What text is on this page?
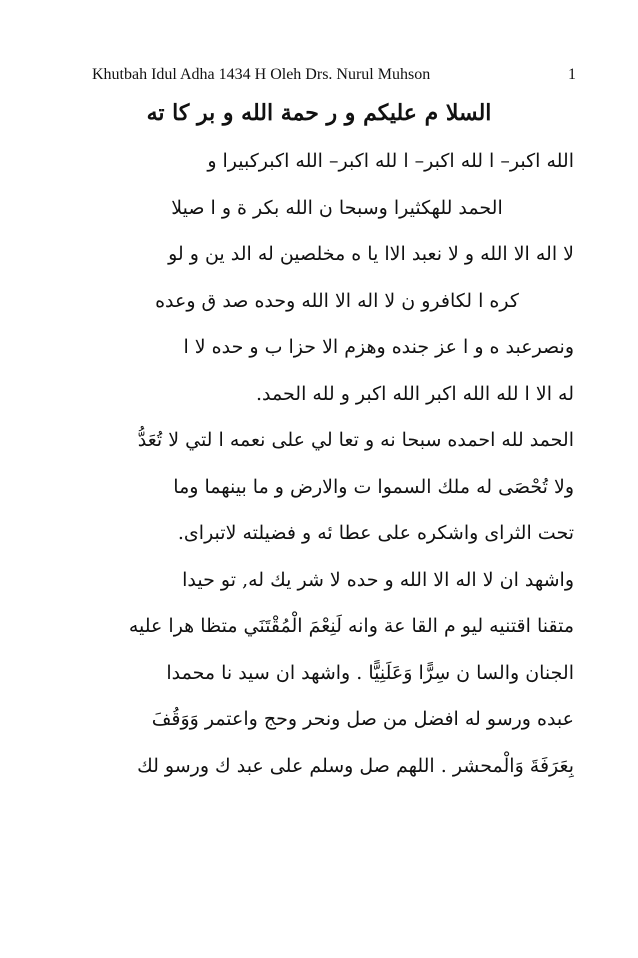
Khutbah Idul Adha 1434 H Oleh Drs. Nurul Muhson	1
السلا م عليكم و ر حمة الله و بر كا ته
الله اكبر– ا لله اكبر– ا لله اكبر– الله اكبركبيرا و
الحمد للهكثيرا وسبحا ن الله بكر ة و ا صيلا
لا اله الا الله و لا نعبد الاا يا ه مخلصين له الد ين و لو
كره ا لكافرو ن لا اله الا الله وحده صد ق وعده
ونصرعبد ه و ا عز جنده وهزم الا حزا ب و حده لا ا
له الا ا لله الله اكبر الله اكبر و لله الحمد.
الحمد لله احمده سبحا نه و تعا لي على نعمه ا لتي لا تُعَدُّ
ولا تُحْصَى له ملك السموا ت والارض و ما بينهما وما
تحت الثراى واشكره على عطا ئه و فضيلته لاتبراى.
واشهد ان لا اله الا الله و حده لا شر يك له, تو حيدا
متقنا اقتنيه ليو م القا عة وانه لَنِعْمَ الْمُقْتَنَي متظا هرا عليه
الجنان والسا ن سِرًّا وَعَلَنِيًّا . واشهد ان سيد نا محمدا
عبده ورسو له افضل من صل ونحر وحج واعتمر وَوَقُفَ
بِعَرَفَةَ وَالْمحشر . اللهم صل وسلم على عبد ك ورسو لك
